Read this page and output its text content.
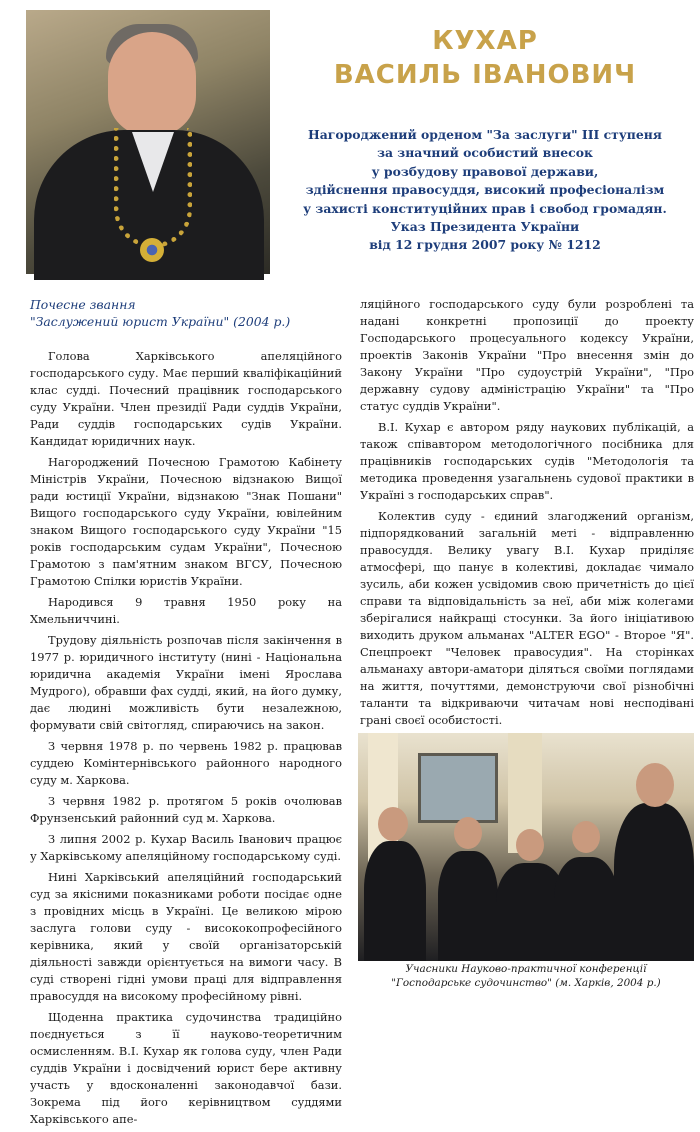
КУХАР
ВАСИЛЬ ІВАНОВИЧ
Нагороджений орденом "За заслуги" III ступеня
за значний особистий внесок
у розбудову правової держави,
здійснення правосуддя, високий професіоналізм
у захисті конституційних прав і свобод громадян.
Указ Президента України
від 12 грудня 2007 року № 1212
Почесне звання
"Заслужений юрист України" (2004 р.)

Голова Харківського апеляційного господарського суду. Має перший кваліфікаційний клас судді. Почесний працівник господарського суду України. Член президії Ради суддів України, Ради суддів господарських судів України. Кандидат юридичних наук.

Нагороджений Почесною Грамотою Кабінету Міністрів України, Почесною відзнакою Вищої ради юстиції України, відзнакою "Знак Пошани" Вищого господарського суду України, ювілейним знаком Вищого господарського суду України "15 років господарським судам України", Почесною Грамотою з пам'ятним знаком ВГСУ, Почесною Грамотою Спілки юристів України.

Народився 9 травня 1950 року на Хмельниччині.

Трудову діяльність розпочав після закінчення в 1977 р. юридичного інституту (нині - Національна юридична академія України імені Ярослава Мудрого), обравши фах судді, який, на його думку, дає людині можливість бути незалежною, формувати свій світогляд, спираючись на закон.

З червня 1978 р. по червень 1982 р. працював суддею Комінтернівського районного народного суду м. Харкова.

З червня 1982 р. протягом 5 років очолював Фрунзенський районний суд м. Харкова.

З липня 2002 р. Кухар Василь Іванович працює у Харківському апеляційному господарському суді.

Нині Харківський апеляційний господарський суд за якісними показниками роботи посідає одне з провідних місць в Україні. Це великою мірою заслуга голови суду - висококопрофесійного керівника, який у своїй організаторській діяльності завжди орієнтується на вимоги часу. В суді створені гідні умови праці для відправлення правосуддя на високому професійному рівні.

Щоденна практика судочинства традиційно поєднується з її науково-теоретичним осмисленням. В.І. Кухар як голова суду, член Ради суддів України і досвідчений юрист бере активну участь у вдосконаленні законодавчої бази. Зокрема під його керівництвом суддями Харківського апе-

ляційного господарського суду були розроблені та надані конкретні пропозиції до проекту Господарського процесуального кодексу України, проектів Законів України "Про внесення змін до Закону України "Про судоустрій України", "Про державну судову адміністрацію України" та "Про статус суддів України".

В.І. Кухар є автором ряду наукових публікацій, а також співавтором методологічного посібника для працівників господарських судів "Методологія та методика проведення узагальнень судової практики в Україні з господарських справ".

Колектив суду - єдиний злагоджений організм, підпорядкований загальній меті - відправленню правосуддя. Велику увагу В.І. Кухар приділяє атмосфері, що панує в колективі, докладає чимало зусиль, аби кожен усвідомив свою причетність до цієї справи та відповідальність за неї, аби між колегами зберігалися найкращі стосунки. За його ініціативою виходить друком альманах "ALTER EGO" - Второе "Я". Спецпроект "Человек правосудия". На сторінках альманаху автори-аматори діляться своїми поглядами на життя, почуттями, демонструючи свої різнобічні таланти та відкриваючи читачам нові несподівані грані своєї особистості.

Учасники Науково-практичної конференції
"Господарське судочинство" (м. Харків, 2004 р.)
